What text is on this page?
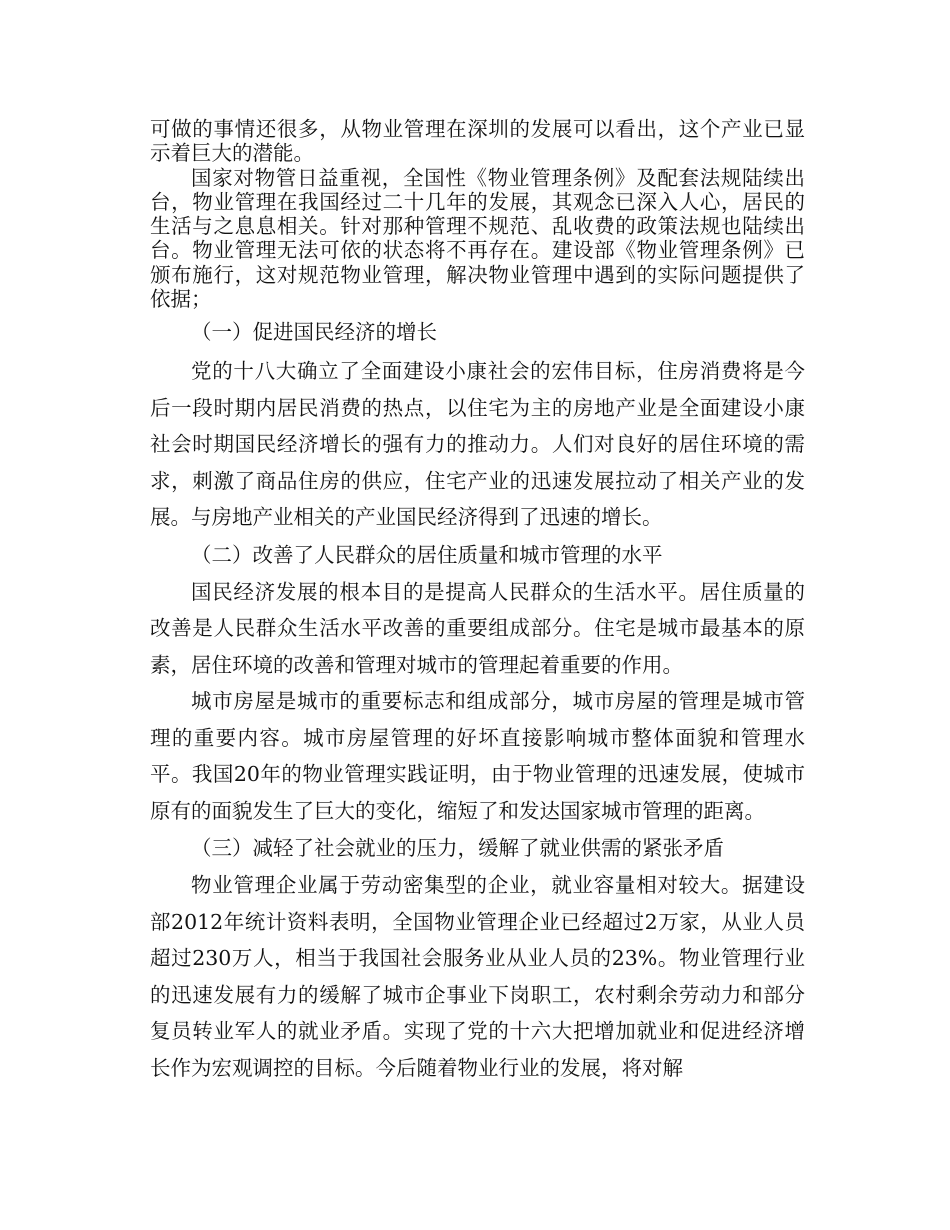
可做的事情还很多，从物业管理在深圳的发展可以看出，这个产业已显示着巨大的潜能。

国家对物管日益重视，全国性《物业管理条例》及配套法规陆续出台，物业管理在我国经过二十几年的发展，其观念已深入人心，居民的生活与之息息相关。针对那种管理不规范、乱收费的政策法规也陆续出台。物业管理无法可依的状态将不再存在。建设部《物业管理条例》已颁布施行，这对规范物业管理，解决物业管理中遇到的实际问题提供了依据；

（一）促进国民经济的增长

党的十八大确立了全面建设小康社会的宏伟目标，住房消费将是今后一段时期内居民消费的热点，以住宅为主的房地产业是全面建设小康社会时期国民经济增长的强有力的推动力。人们对良好的居住环境的需求，刺激了商品住房的供应，住宅产业的迅速发展拉动了相关产业的发展。与房地产业相关的产业国民经济得到了迅速的增长。

（二）改善了人民群众的居住质量和城市管理的水平

国民经济发展的根本目的是提高人民群众的生活水平。居住质量的改善是人民群众生活水平改善的重要组成部分。住宅是城市最基本的原素，居住环境的改善和管理对城市的管理起着重要的作用。

城市房屋是城市的重要标志和组成部分，城市房屋的管理是城市管理的重要内容。城市房屋管理的好坏直接影响城市整体面貌和管理水平。我国20年的物业管理实践证明，由于物业管理的迅速发展，使城市原有的面貌发生了巨大的变化，缩短了和发达国家城市管理的距离。

（三）减轻了社会就业的压力，缓解了就业供需的紧张矛盾

物业管理企业属于劳动密集型的企业，就业容量相对较大。据建设部2012年统计资料表明，全国物业管理企业已经超过2万家，从业人员超过230万人，相当于我国社会服务业从业人员的23%。物业管理行业的迅速发展有力的缓解了城市企事业下岗职工，农村剩余劳动力和部分复员转业军人的就业矛盾。实现了党的十六大把增加就业和促进经济增长作为宏观调控的目标。今后随着物业行业的发展，将对解
